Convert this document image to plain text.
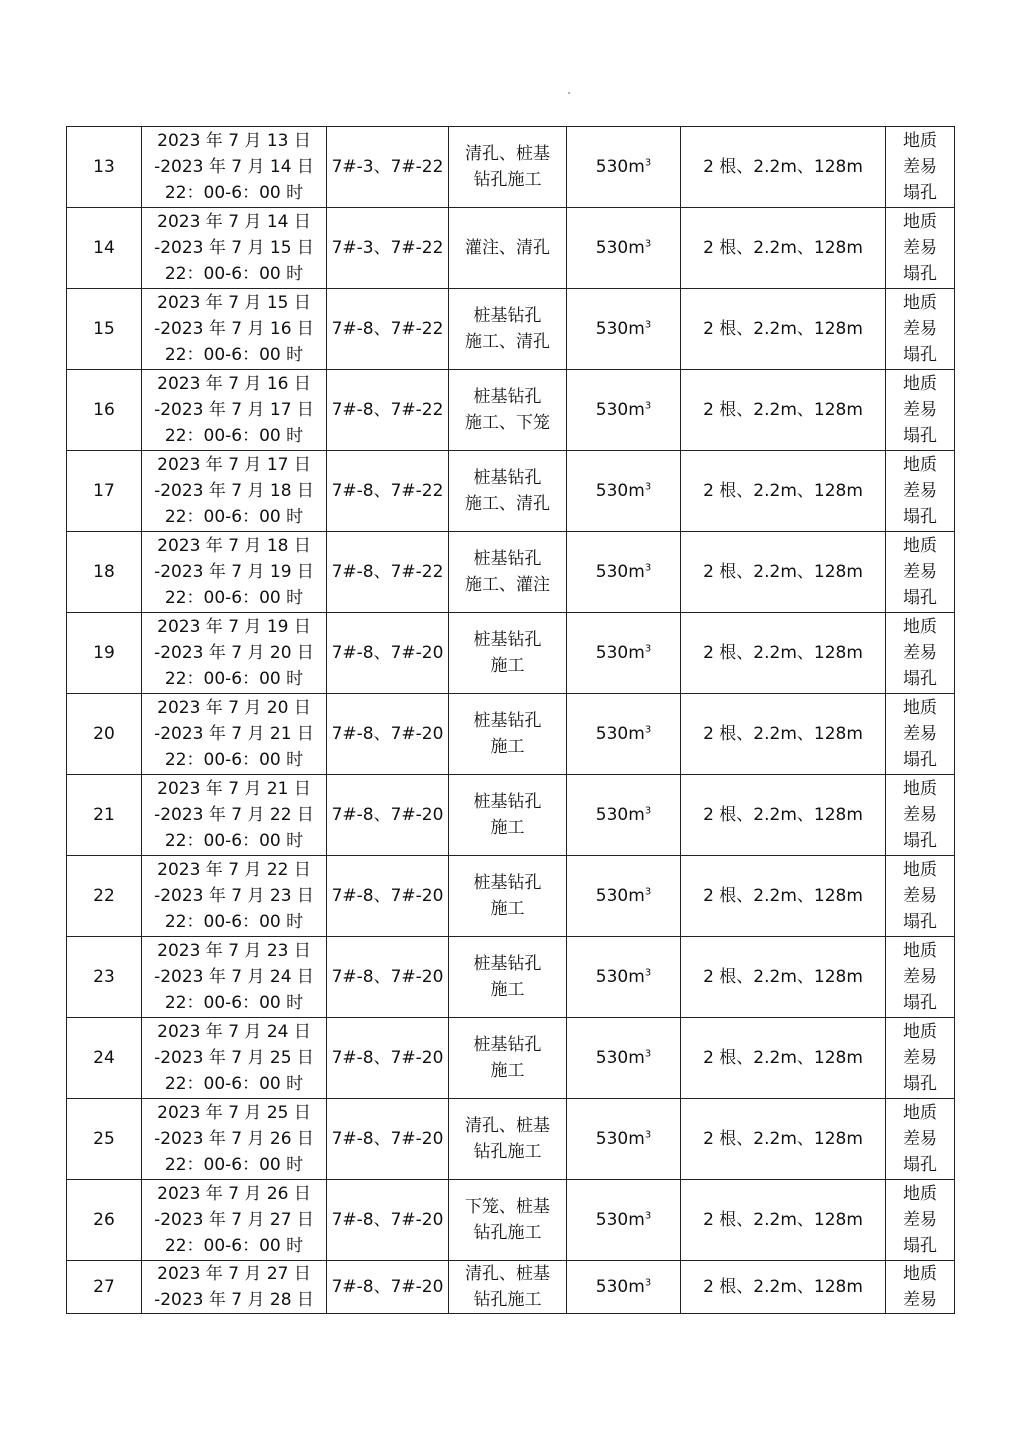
13	2023 年 7 月 13 日
-2023 年 7 月 14 日
22：00-6：00 时	7#-3、7#-22	清孔、桩基
钻孔施工	$530m^3$	2 根、2.2m、128m	地质
差易
塌孔

14	2023 年 7 月 14 日
-2023 年 7 月 15 日
22：00-6：00 时	7#-3、7#-22	灌注、清孔	$530m^3$	2 根、2.2m、128m	地质
差易
塌孔

15	2023 年 7 月 15 日
-2023 年 7 月 16 日
22：00-6：00 时	7#-8、7#-22	桩基钻孔
施工、清孔	$530m^3$	2 根、2.2m、128m	地质
差易
塌孔

16	2023 年 7 月 16 日
-2023 年 7 月 17 日
22：00-6：00 时	7#-8、7#-22	桩基钻孔
施工、下笼	$530m^3$	2 根、2.2m、128m	地质
差易
塌孔

17	2023 年 7 月 17 日
-2023 年 7 月 18 日
22：00-6：00 时	7#-8、7#-22	桩基钻孔
施工、清孔	$530m^3$	2 根、2.2m、128m	地质
差易
塌孔

18	2023 年 7 月 18 日
-2023 年 7 月 19 日
22：00-6：00 时	7#-8、7#-22	桩基钻孔
施工、灌注	$530m^3$	2 根、2.2m、128m	地质
差易
塌孔

19	2023 年 7 月 19 日
-2023 年 7 月 20 日
22：00-6：00 时	7#-8、7#-20	桩基钻孔
施工	$530m^3$	2 根、2.2m、128m	地质
差易
塌孔

20	2023 年 7 月 20 日
-2023 年 7 月 21 日
22：00-6：00 时	7#-8、7#-20	桩基钻孔
施工	$530m^3$	2 根、2.2m、128m	地质
差易
塌孔

21	2023 年 7 月 21 日
-2023 年 7 月 22 日
22：00-6：00 时	7#-8、7#-20	桩基钻孔
施工	$530m^3$	2 根、2.2m、128m	地质
差易
塌孔

22	2023 年 7 月 22 日
-2023 年 7 月 23 日
22：00-6：00 时	7#-8、7#-20	桩基钻孔
施工	$530m^3$	2 根、2.2m、128m	地质
差易
塌孔

23	2023 年 7 月 23 日
-2023 年 7 月 24 日
22：00-6：00 时	7#-8、7#-20	桩基钻孔
施工	$530m^3$	2 根、2.2m、128m	地质
差易
塌孔

24	2023 年 7 月 24 日
-2023 年 7 月 25 日
22：00-6：00 时	7#-8、7#-20	桩基钻孔
施工	$530m^3$	2 根、2.2m、128m	地质
差易
塌孔

25	2023 年 7 月 25 日
-2023 年 7 月 26 日
22：00-6：00 时	7#-8、7#-20	清孔、桩基
钻孔施工	$530m^3$	2 根、2.2m、128m	地质
差易
塌孔

26	2023 年 7 月 26 日
-2023 年 7 月 27 日
22：00-6：00 时	7#-8、7#-20	下笼、桩基
钻孔施工	$530m^3$	2 根、2.2m、128m	地质
差易
塌孔

27	2023 年 7 月 27 日
-2023 年 7 月 28 日	7#-8、7#-20	清孔、桩基
钻孔施工	$530m^3$	2 根、2.2m、128m	地质
差易
